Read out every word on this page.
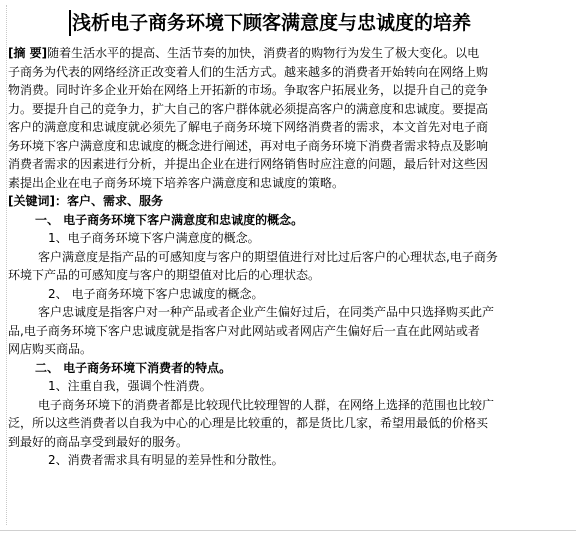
浅析电子商务环境下顾客满意度与忠诚度的培养

[摘 要]随着生活水平的提高、生活节奏的加快，消费者的购物行为发生了极大变化。以电

子商务为代表的网络经济正改变着人们的生活方式。越来越多的消费者开始转向在网络上购

物消费。同时许多企业开始在网络上开拓新的市场。争取客户拓展业务，以提升自己的竞争

力。要提升自己的竞争力，扩大自己的客户群体就必须提高客户的满意度和忠诚度。要提高

客户的满意度和忠诚度就必须先了解电子商务环境下网络消费者的需求，本文首先对电子商

务环境下客户满意度和忠诚度的概念进行阐述，再对电子商务环境下消费者需求特点及影响

消费者需求的因素进行分析，并提出企业在进行网络销售时应注意的问题，最后针对这些因

素提出企业在电子商务环境下培养客户满意度和忠诚度的策略。

[关键词]：客户、需求、服务

一、 电子商务环境下客户满意度和忠诚度的概念。

1、电子商务环境下客户满意度的概念。

客户满意度是指产品的可感知度与客户的期望值进行对比过后客户的心理状态,电子商务

环境下产品的可感知度与客户的期望值对比后的心理状态。

2、 电子商务环境下客户忠诚度的概念。

客户忠诚度是指客户对一种产品或者企业产生偏好过后，在同类产品中只选择购买此产

品,电子商务环境下客户忠诚度就是指客户对此网站或者网店产生偏好后一直在此网站或者

网店购买商品。

二、 电子商务环境下消费者的特点。

1、注重自我，强调个性消费。

电子商务环境下的消费者都是比较现代比较理智的人群，在网络上选择的范围也比较广

泛，所以这些消费者以自我为中心的心理是比较重的，都是货比几家，希望用最低的价格买

到最好的商品享受到最好的服务。

2、消费者需求具有明显的差异性和分散性。
